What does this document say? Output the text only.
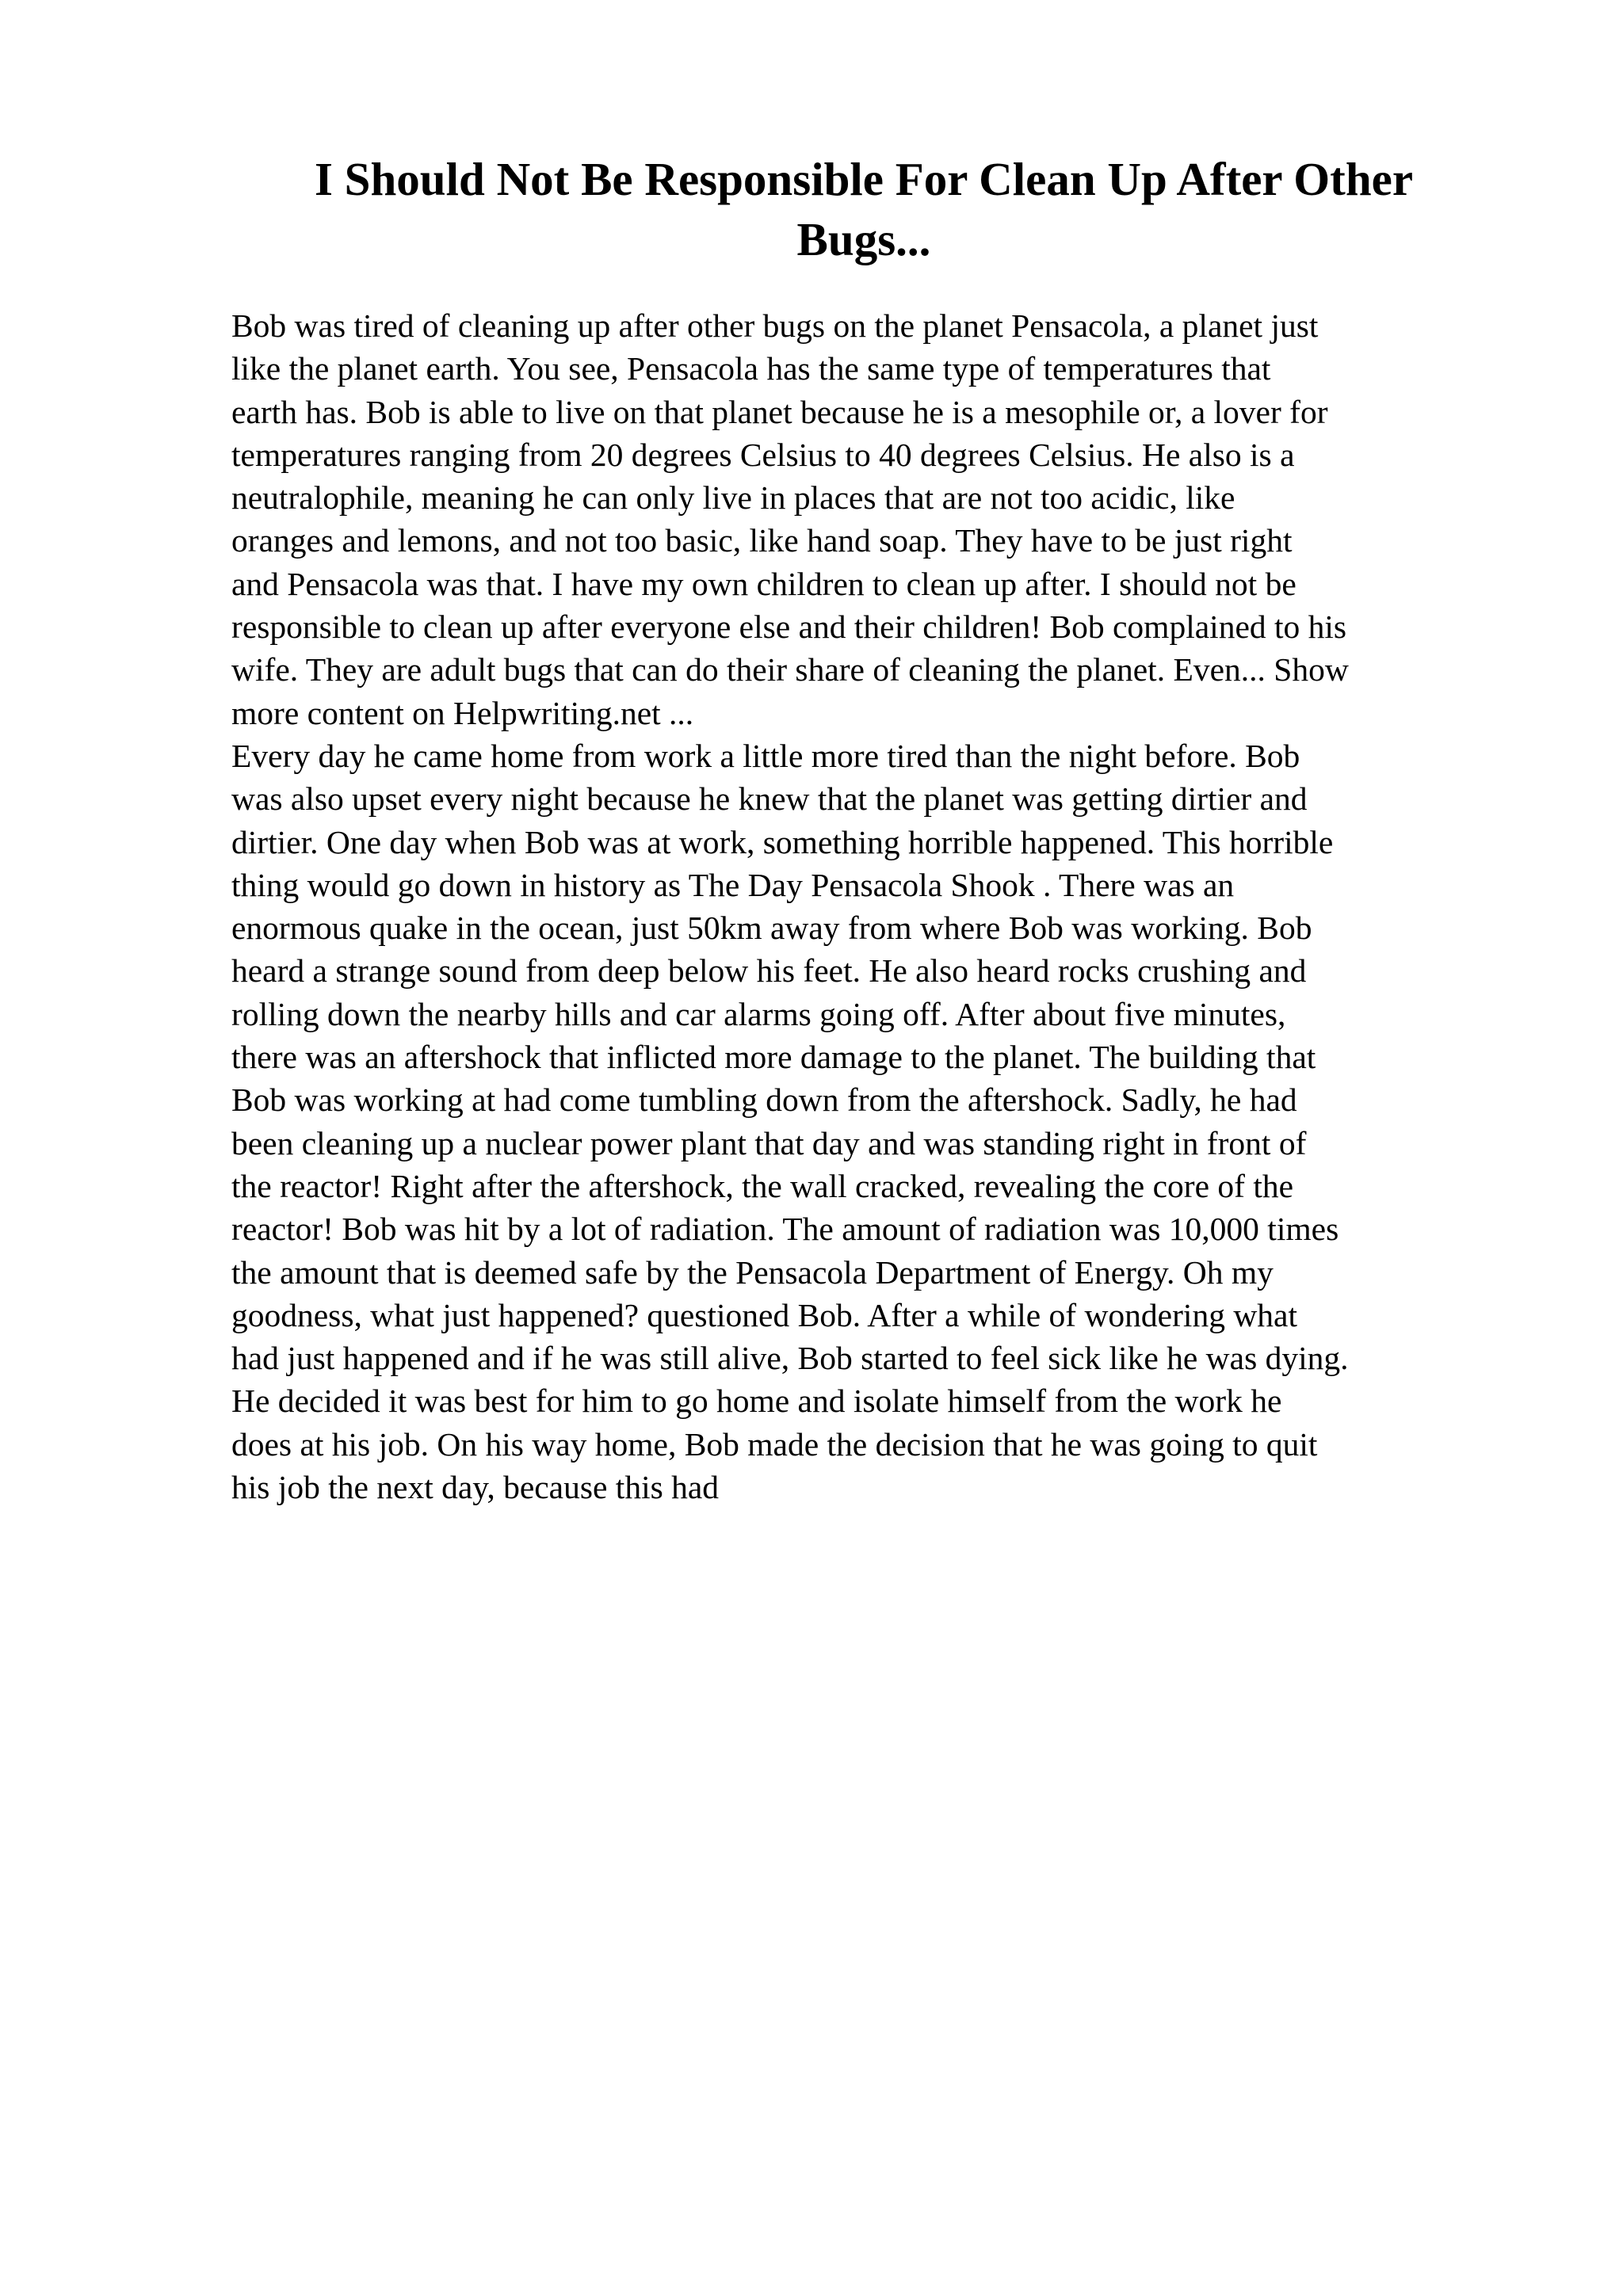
I Should Not Be Responsible For Clean Up After Other Bugs...
Bob was tired of cleaning up after other bugs on the planet Pensacola, a planet just
like the planet earth. You see, Pensacola has the same type of temperatures that
earth has. Bob is able to live on that planet because he is a mesophile or, a lover for
temperatures ranging from 20 degrees Celsius to 40 degrees Celsius. He also is a
neutralophile, meaning he can only live in places that are not too acidic, like
oranges and lemons, and not too basic, like hand soap. They have to be just right
and Pensacola was that. I have my own children to clean up after. I should not be
responsible to clean up after everyone else and their children! Bob complained to his
wife. They are adult bugs that can do their share of cleaning the planet. Even... Show
more content on Helpwriting.net ...
Every day he came home from work a little more tired than the night before. Bob
was also upset every night because he knew that the planet was getting dirtier and
dirtier. One day when Bob was at work, something horrible happened. This horrible
thing would go down in history as The Day Pensacola Shook . There was an
enormous quake in the ocean, just 50km away from where Bob was working. Bob
heard a strange sound from deep below his feet. He also heard rocks crushing and
rolling down the nearby hills and car alarms going off. After about five minutes,
there was an aftershock that inflicted more damage to the planet. The building that
Bob was working at had come tumbling down from the aftershock. Sadly, he had
been cleaning up a nuclear power plant that day and was standing right in front of
the reactor! Right after the aftershock, the wall cracked, revealing the core of the
reactor! Bob was hit by a lot of radiation. The amount of radiation was 10,000 times
the amount that is deemed safe by the Pensacola Department of Energy. Oh my
goodness, what just happened? questioned Bob. After a while of wondering what
had just happened and if he was still alive, Bob started to feel sick like he was dying.
He decided it was best for him to go home and isolate himself from the work he
does at his job. On his way home, Bob made the decision that he was going to quit
his job the next day, because this had
